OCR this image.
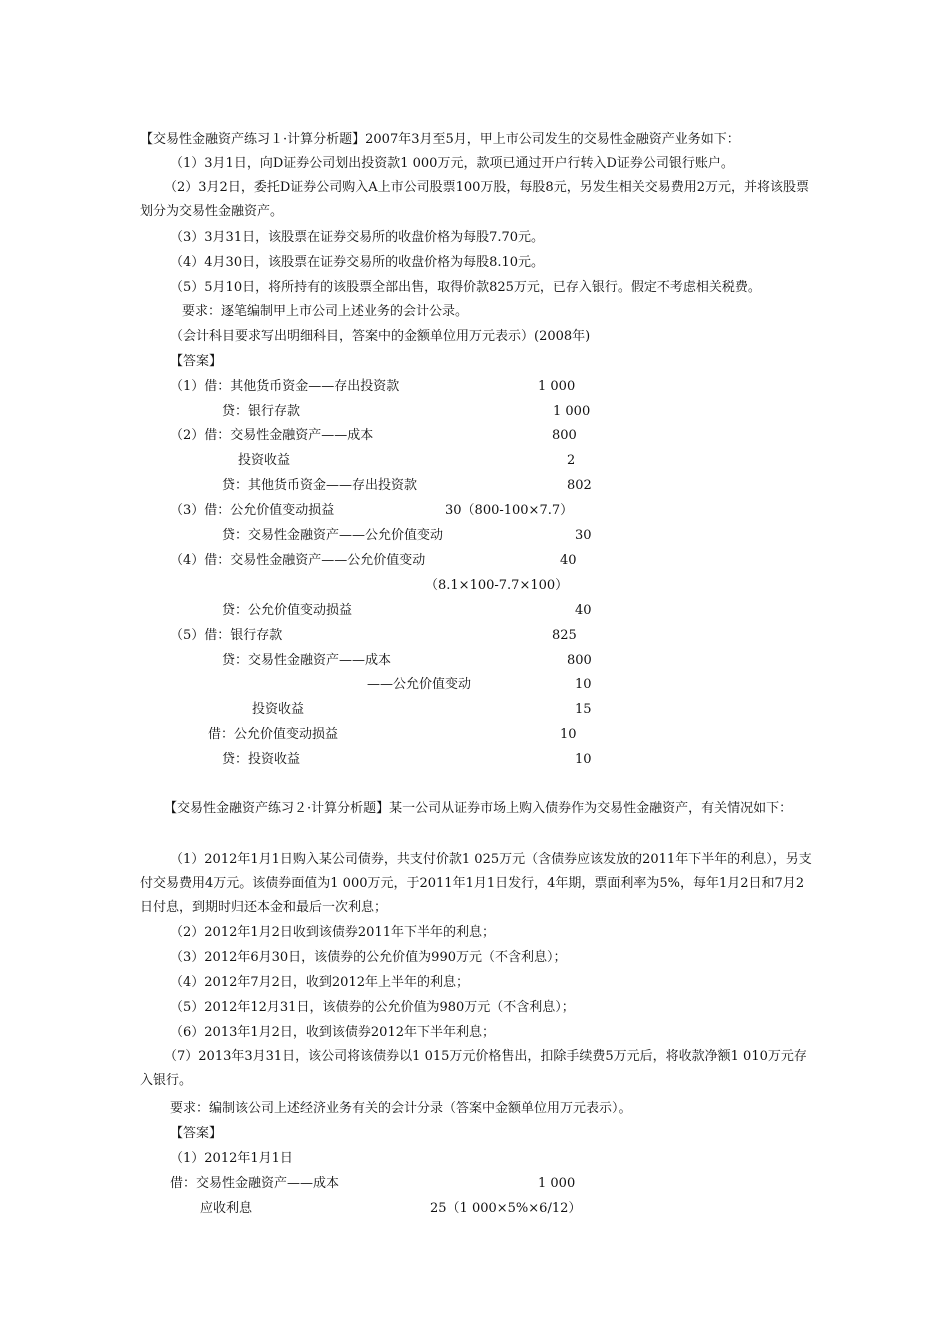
【交易性金融资产练习１·计算分析题】2007年3月至5月，甲上市公司发生的交易性金融资产业务如下：
（1）3月1日，向D证券公司划出投资款1 000万元，款项已通过开户行转入D证券公司银行账户。
（2）3月2日，委托D证券公司购入A上市公司股票100万股，每股8元，另发生相关交易费用2万元，并将该股票划分为交易性金融资产。
（3）3月31日，该股票在证券交易所的收盘价格为每股7.70元。
（4）4月30日，该股票在证券交易所的收盘价格为每股8.10元。
（5）5月10日，将所持有的该股票全部出售，取得价款825万元，已存入银行。假定不考虑相关税费。
要求：逐笔编制甲上市公司上述业务的会计公录。
（会计科目要求写出明细科目，答案中的金额单位用万元表示）(2008年)
【答案】
（1）借：其他货币资金——存出投资款	1 000
贷：银行存款	1 000
（2）借：交易性金融资产——成本	800
投资收益	2
贷：其他货币资金——存出投资款	802
（3）借：公允价值变动损益	30（800-100×7.7）
贷：交易性金融资产——公允价值变动	30
（4）借：交易性金融资产——公允价值变动	40
（8.1×100-7.7×100）
贷：公允价值变动损益	40
（5）借：银行存款	825
贷：交易性金融资产——成本	800
——公允价值变动	10
投资收益	15
借：公允价值变动损益	10
贷：投资收益	10
【交易性金融资产练习２·计算分析题】某一公司从证券市场上购入债券作为交易性金融资产，有关情况如下：
（1）2012年1月1日购入某公司债券，共支付价款1 025万元（含债券应该发放的2011年下半年的利息），另支付交易费用4万元。该债券面值为1 000万元，于2011年1月1日发行，4年期，票面利率为5%，每年1月2日和7月2日付息，到期时归还本金和最后一次利息；
（2）2012年1月2日收到该债券2011年下半年的利息；
（3）2012年6月30日，该债券的公允价值为990万元（不含利息）；
（4）2012年7月2日，收到2012年上半年的利息；
（5）2012年12月31日，该债券的公允价值为980万元（不含利息）；
（6）2013年1月2日，收到该债券2012年下半年利息；
（7）2013年3月31日，该公司将该债券以1 015万元价格售出，扣除手续费5万元后，将收款净额1 010万元存入银行。
要求：编制该公司上述经济业务有关的会计分录（答案中金额单位用万元表示）。
【答案】
（1）2012年1月1日
借：交易性金融资产——成本	1 000
应收利息	25（1 000×5%×6/12）
